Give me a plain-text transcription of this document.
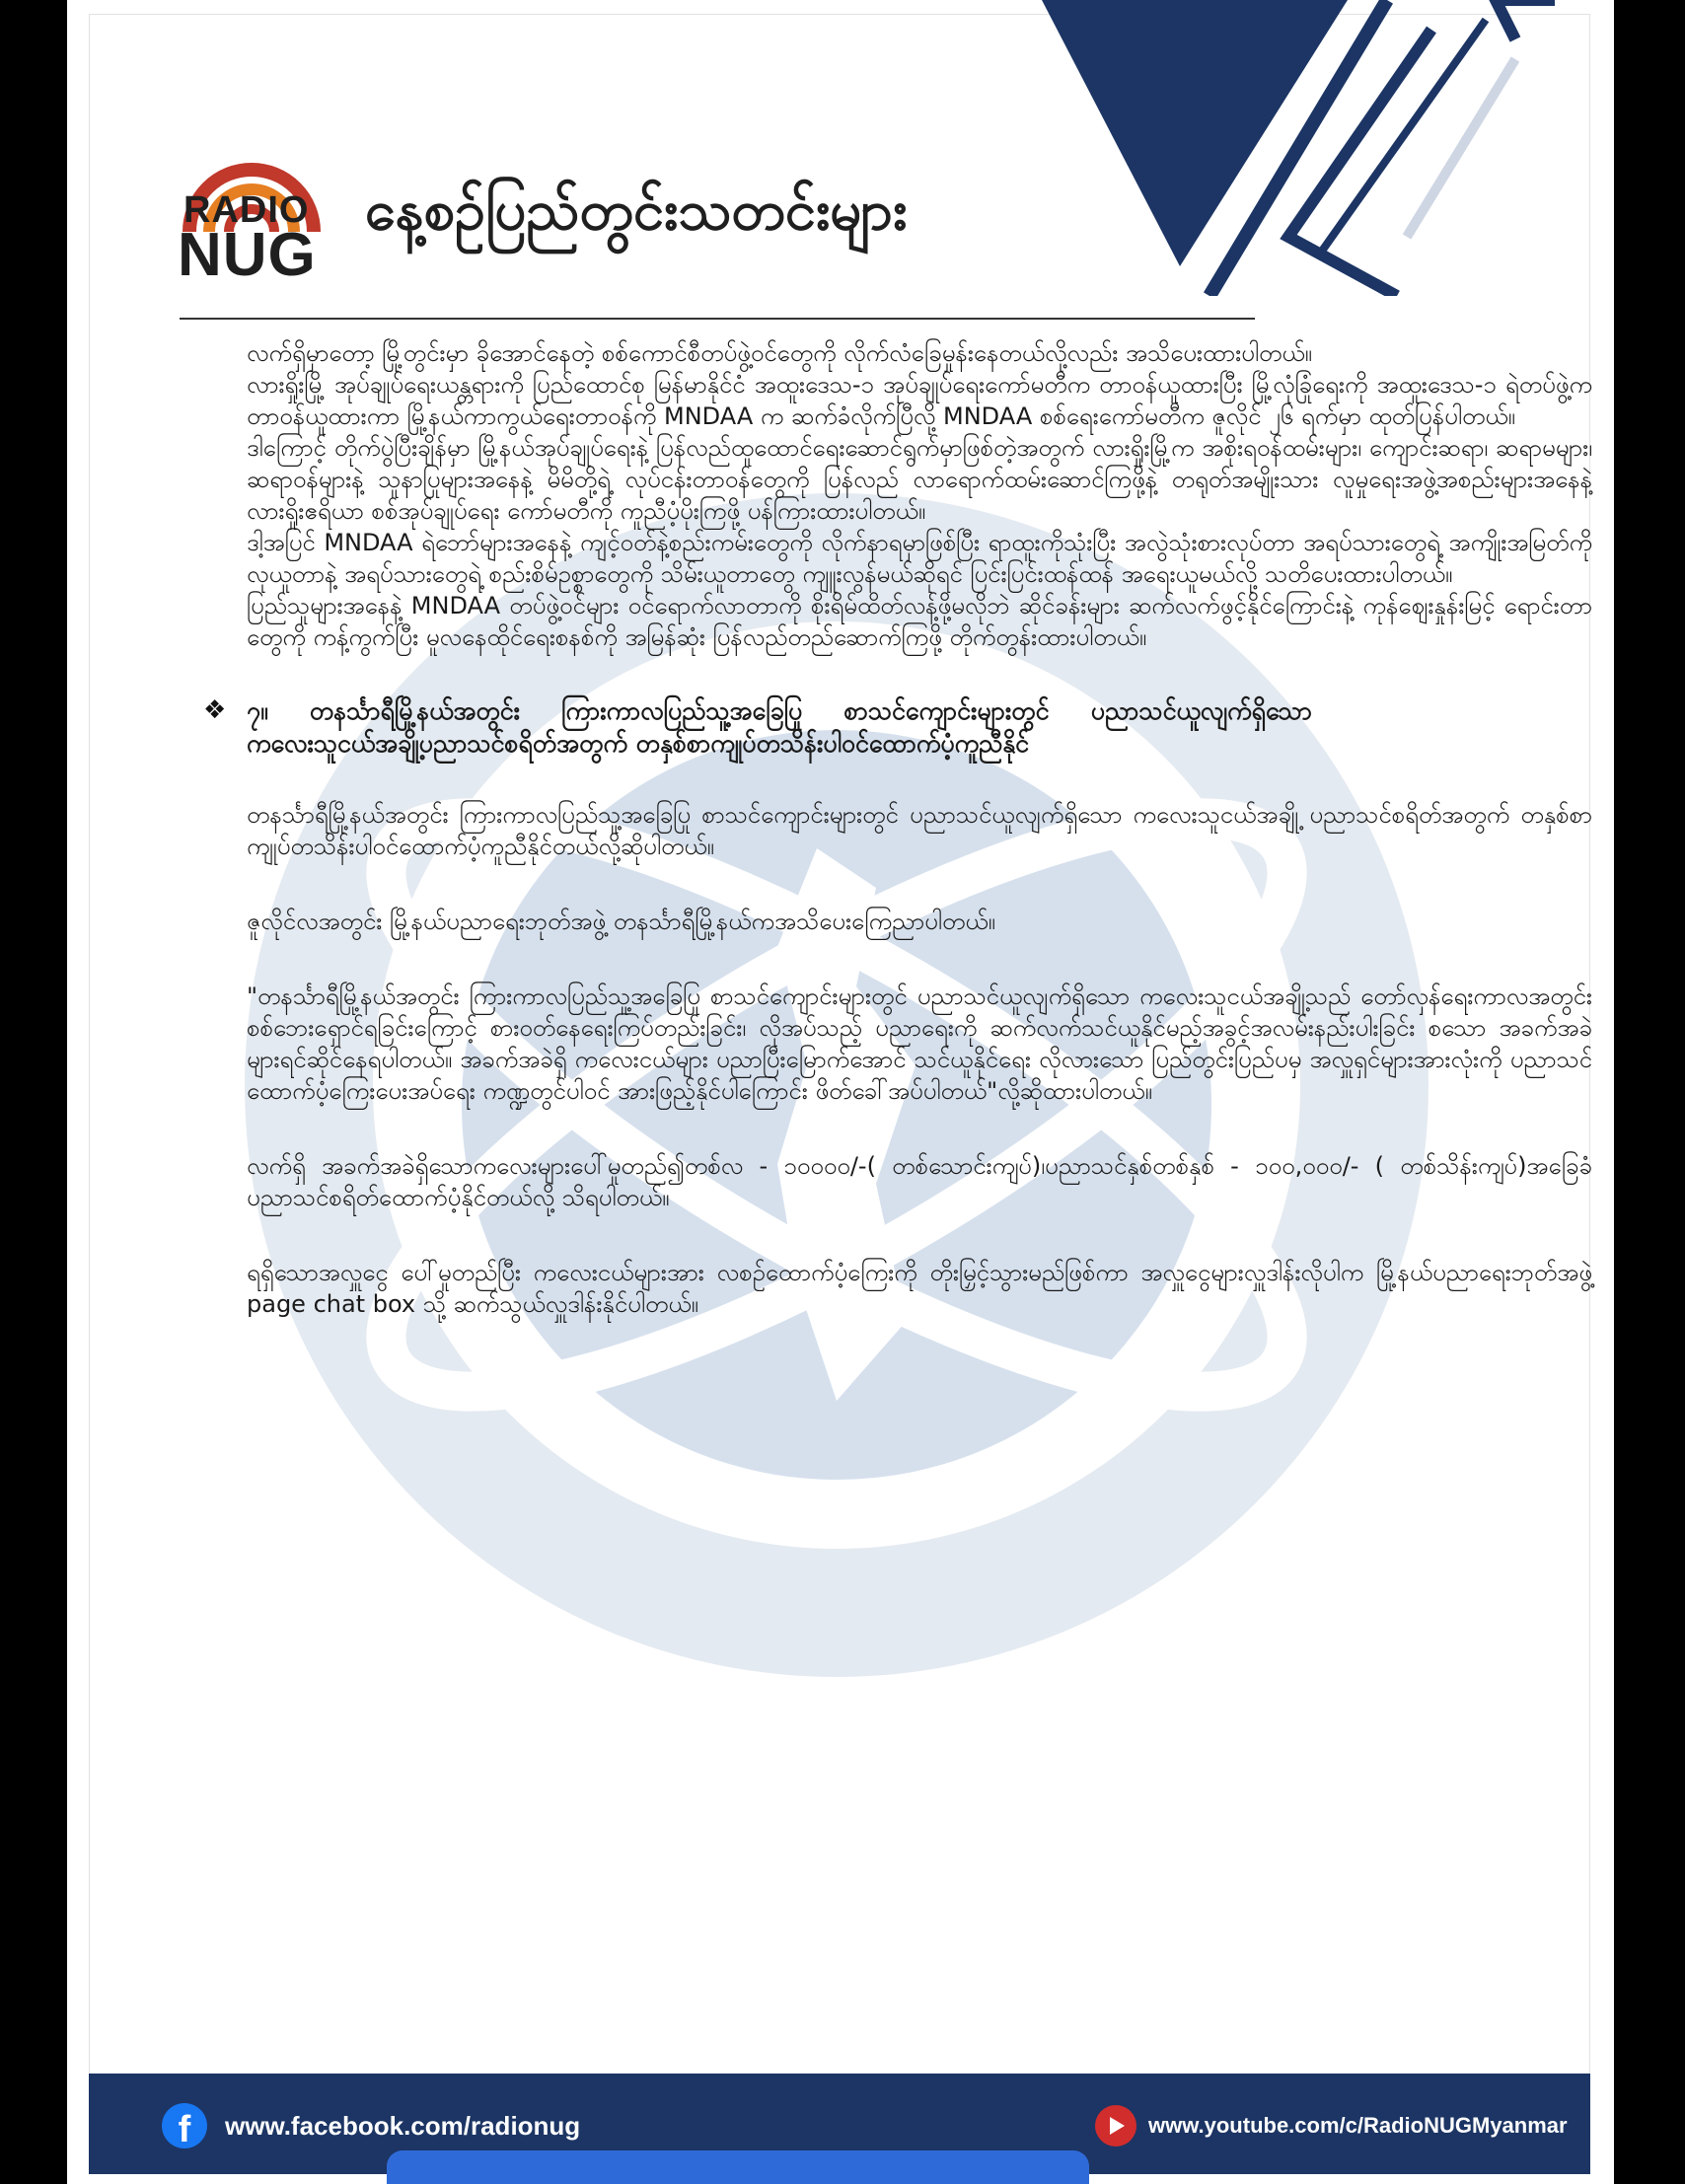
RADIO
NUG
နေ့စဉ်ပြည်တွင်းသတင်းများ

လက်ရှိမှာတော့ မြို့တွင်းမှာ ခိုအောင်နေတဲ့ စစ်ကောင်စီတပ်ဖွဲ့ဝင်တွေကို လိုက်လံခြေမှုန်းနေတယ်လို့လည်း အသိပေးထားပါတယ်။

လားရှိုးမြို့ အုပ်ချုပ်ရေးယန္တရားကို ပြည်ထောင်စု မြန်မာနိုင်ငံ အထူးဒေသ-၁ အုပ်ချုပ်ရေးကော်မတီက တာဝန်ယူထားပြီး မြို့လုံခြုံရေးကို အထူးဒေသ-၁ ရဲတပ်ဖွဲ့က တာဝန်ယူထားကာ မြို့နယ်ကာကွယ်ရေးတာဝန်ကို MNDAA က ဆက်ခံလိုက်ပြီလို့ MNDAA စစ်ရေးကော်မတီက ဇူလိုင် ၂၆ ရက်မှာ ထုတ်ပြန်ပါတယ်။

ဒါကြောင့် တိုက်ပွဲပြီးချိန်မှာ မြို့နယ်အုပ်ချုပ်ရေးနဲ့ ပြန်လည်ထူထောင်ရေးဆောင်ရွက်မှာဖြစ်တဲ့အတွက် လားရှိုးမြို့က အစိုးရဝန်ထမ်းများ၊ ကျောင်းဆရာ၊ ဆရာမများ၊ ဆရာဝန်များနဲ့ သူနာပြုများအနေနဲ့ မိမိတို့ရဲ့ လုပ်ငန်းတာဝန်တွေကို ပြန်လည် လာရောက်ထမ်းဆောင်ကြဖို့နဲ့ တရုတ်အမျိုးသား လူမှုရေးအဖွဲ့အစည်းများအနေနဲ့ လားရှိုးဧရိယာ စစ်အုပ်ချုပ်ရေး ကော်မတီကို ကူညီပံ့ပိုးကြဖို့ ပန်ကြားထားပါတယ်။

ဒါ့အပြင် MNDAA ရဲဘော်များအနေနဲ့ ကျင့်ဝတ်နဲ့စည်းကမ်းတွေကို လိုက်နာရမှာဖြစ်ပြီး ရာထူးကိုသုံးပြီး အလွဲသုံးစားလုပ်တာ အရပ်သားတွေရဲ့ အကျိုးအမြတ်ကို လုယူတာနဲ့ အရပ်သားတွေရဲ့ စည်းစိမ်ဥစ္စာတွေကို သိမ်းယူတာတွေ ကျူးလွန်မယ်ဆိုရင် ပြင်းပြင်းထန်ထန် အရေးယူမယ်လို့ သတိပေးထားပါတယ်။

ပြည်သူများအနေနဲ့ MNDAA တပ်ဖွဲ့ဝင်များ ဝင်ရောက်လာတာကို စိုးရိမ်ထိတ်လန့်ဖို့မလိုဘဲ ဆိုင်ခန်းများ ဆက်လက်ဖွင့်နိုင်ကြောင်းနဲ့ ကုန်ဈေးနှုန်းမြင့် ရောင်းတာတွေကို ကန့်ကွက်ပြီး မူလနေထိုင်ရေးစနစ်ကို အမြန်ဆုံး ပြန်လည်တည်ဆောက်ကြဖို့ တိုက်တွန်းထားပါတယ်။

❖ ၇။ တနင်္သာရီမြို့နယ်အတွင်း ကြားကာလပြည်သူ့အခြေပြု စာသင်ကျောင်းများတွင် ပညာသင်ယူလျက်ရှိသော ကလေးသူငယ်အချို့ပညာသင်စရိတ်အတွက် တနှစ်စာကျုပ်တသိန်းပါဝင်ထောက်ပံ့ကူညီနိုင်

တနင်္သာရီမြို့နယ်အတွင်း ကြားကာလပြည်သူ့အခြေပြု စာသင်ကျောင်းများတွင် ပညာသင်ယူလျက်ရှိသော ကလေးသူငယ်အချို့ ပညာသင်စရိတ်အတွက် တနှစ်စာကျုပ်တသိန်းပါဝင်ထောက်ပံ့ကူညီနိုင်တယ်လို့ဆိုပါတယ်။

ဇူလိုင်လအတွင်း မြို့နယ်ပညာရေးဘုတ်အဖွဲ့ တနင်္သာရီမြို့နယ်ကအသိပေးကြေညာပါတယ်။

"တနင်္သာရီမြို့နယ်အတွင်း ကြားကာလပြည်သူ့အခြေပြု စာသင်ကျောင်းများတွင် ပညာသင်ယူလျက်ရှိသော ကလေးသူငယ်အချို့သည် တော်လှန်ရေးကာလအတွင်း စစ်ဘေးရှောင်ရခြင်းကြောင့် စားဝတ်နေရေးကြပ်တည်းခြင်း၊ လိုအပ်သည့် ပညာရေးကို ဆက်လက်သင်ယူနိုင်မည့်အခွင့်အလမ်းနည်းပါးခြင်း စသော အခက်အခဲများရင်ဆိုင်နေရပါတယ်။ အခက်အခဲရှိ ကလေးငယ်များ ပညာပြီးမြောက်အောင် သင်ယူနိုင်ရေး လိုလားသော ပြည်တွင်းပြည်ပမှ အလှူရှင်များအားလုံးကို ပညာသင်ထောက်ပံ့ကြေးပေးအပ်ရေး ကဏ္ဍတွင်ပါဝင် အားဖြည့်နိုင်ပါကြောင်း ဖိတ်ခေါ်အပ်ပါတယ်"လို့ဆိုထားပါတယ်။

လက်ရှိ အခက်အခဲရှိသောကလေးများပေါ်မူတည်၍တစ်လ - ၁၀၀၀၀/-( တစ်သောင်းကျပ်)၊ပညာသင်နှစ်တစ်နှစ် - ၁၀၀,၀၀၀/- ( တစ်သိန်းကျပ်)အခြေခံ ပညာသင်စရိတ်ထောက်ပံ့နိုင်တယ်လို့ သိရပါတယ်။

ရရှိသောအလှူငွေ ပေါ်မူတည်ပြီး ကလေးငယ်များအား လစဉ်ထောက်ပံ့ကြေးကို တိုးမြှင့်သွားမည်ဖြစ်ကာ အလှူငွေများလှူဒါန်းလိုပါက မြို့နယ်ပညာရေးဘုတ်အဖွဲ့ page chat box သို့ ဆက်သွယ်လှူဒါန်းနိုင်ပါတယ်။

f	www.facebook.com/radionug	www.youtube.com/c/RadioNUGMyanmar
